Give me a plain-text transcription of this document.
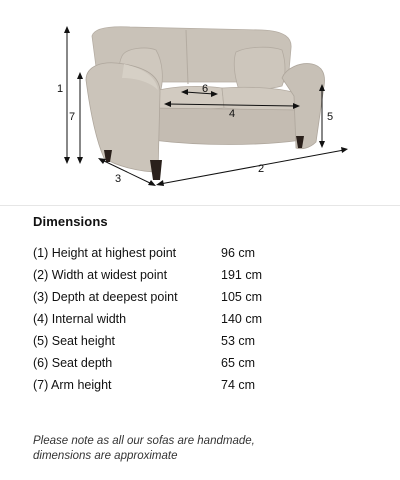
1
2
3
4	5
6
7
Dimensions
(1) Height at highest point	96 cm
(2) Width at widest point	191 cm
(3) Depth at deepest point	105 cm
(4) Internal width	140 cm
(5) Seat height	53 cm
(6) Seat depth	65 cm
(7) Arm height	74 cm
Please note as all our sofas are handmade,
dimensions are approximate
